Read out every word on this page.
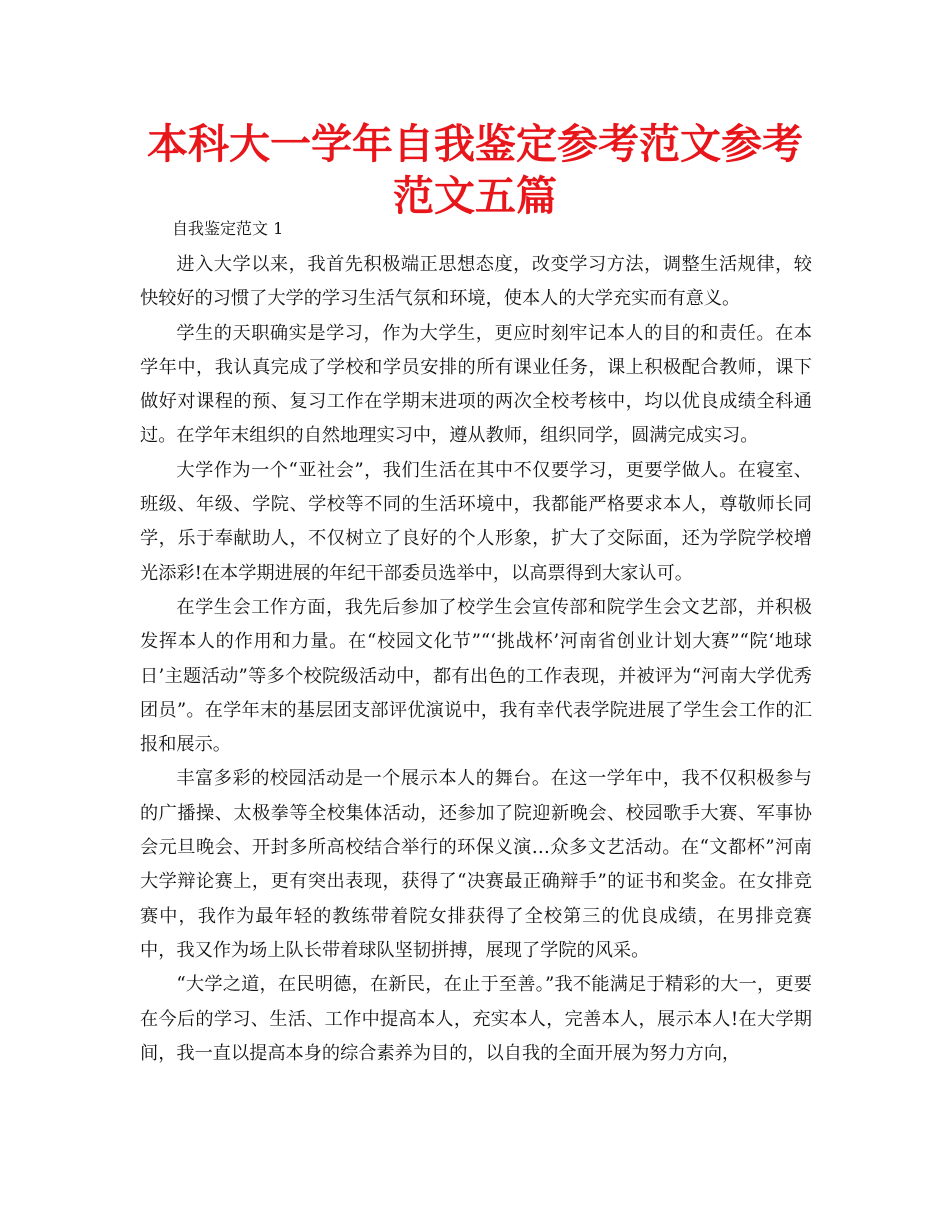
本科大一学年自我鉴定参考范文参考范文五篇

自我鉴定范文 1

进入大学以来，我首先积极端正思想态度，改变学习方法，调整生活规律，较快较好的习惯了大学的学习生活气氛和环境，使本人的大学充实而有意义。

学生的天职确实是学习，作为大学生，更应时刻牢记本人的目的和责任。在本学年中，我认真完成了学校和学员安排的所有课业任务，课上积极配合教师，课下做好对课程的预、复习工作在学期末进项的两次全校考核中，均以优良成绩全科通过。在学年末组织的自然地理实习中，遵从教师，组织同学，圆满完成实习。

大学作为一个“亚社会”，我们生活在其中不仅要学习，更要学做人。在寝室、班级、年级、学院、学校等不同的生活环境中，我都能严格要求本人，尊敬师长同学，乐于奉献助人，不仅树立了良好的个人形象，扩大了交际面，还为学院学校增光添彩!在本学期进展的年纪干部委员选举中，以高票得到大家认可。

在学生会工作方面，我先后参加了校学生会宣传部和院学生会文艺部，并积极发挥本人的作用和力量。在“校园文化节”“‘挑战杯’河南省创业计划大赛”“院‘地球日’主题活动”等多个校院级活动中，都有出色的工作表现，并被评为“河南大学优秀团员”。在学年末的基层团支部评优演说中，我有幸代表学院进展了学生会工作的汇报和展示。

丰富多彩的校园活动是一个展示本人的舞台。在这一学年中，我不仅积极参与的广播操、太极拳等全校集体活动，还参加了院迎新晚会、校园歌手大赛、军事协会元旦晚会、开封多所高校结合举行的环保义演…众多文艺活动。在“文都杯”河南大学辩论赛上，更有突出表现，获得了“决赛最正确辩手”的证书和奖金。在女排竞赛中，我作为最年轻的教练带着院女排获得了全校第三的优良成绩，在男排竞赛中，我又作为场上队长带着球队坚韧拼搏，展现了学院的风采。

“大学之道，在民明德，在新民，在止于至善。”我不能满足于精彩的大一，更要在今后的学习、生活、工作中提高本人，充实本人，完善本人，展示本人!在大学期间，我一直以提高本身的综合素养为目的，以自我的全面开展为努力方向，
